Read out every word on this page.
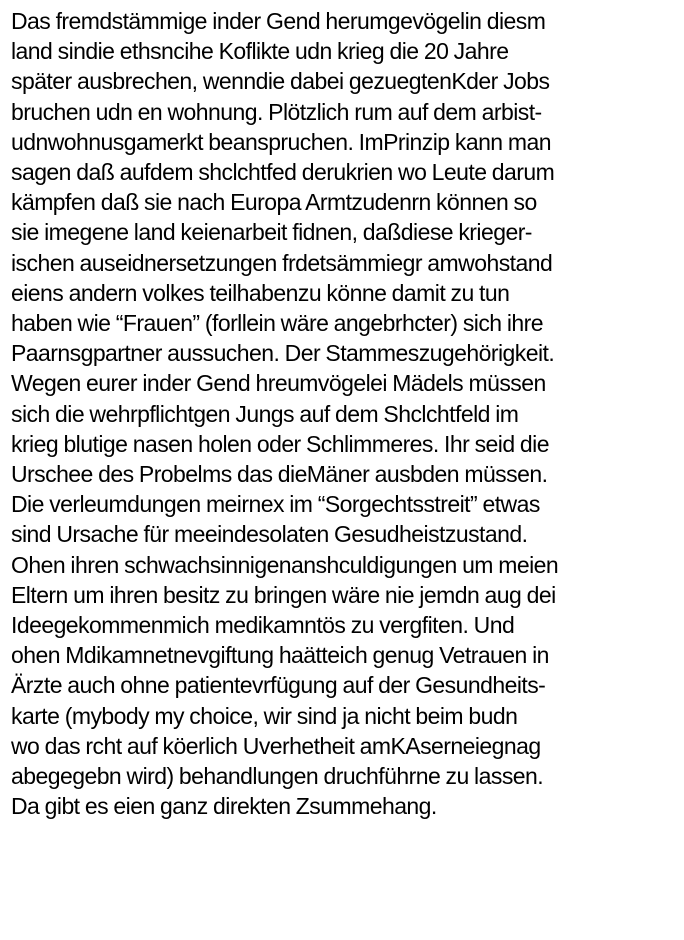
Das fremdstämmige inder Gend herumgevögelin diesm
land sindie ethsncihe Koflikte udn krieg die 20 Jahre
später ausbrechen, wenndie dabei gezuegtenKder Jobs
bruchen udn en wohnung. Plötzlich rum auf dem arbist-
udnwohnusgamerkt beanspruchen. ImPrinzip kann man
sagen daß aufdem shclchtfed derukrien wo Leute darum
kämpfen daß sie nach Europa Armtzudenrn können so
sie imegene land keienarbeit fidnen, daßdiese krieger-
ischen auseidnersetzungen frdetsämmiegr amwohstand
eiens andern volkes teilhabenzu könne damit zu tun
haben wie “Frauen” (forllein wäre angebrhcter) sich ihre
Paarnsgpartner aussuchen. Der Stammeszugehörigkeit.
Wegen eurer inder Gend hreumvögelei Mädels müssen
sich die wehrpflichtgen Jungs auf dem Shclchtfeld im
krieg blutige nasen holen oder Schlimmeres. Ihr seid die
Urschee des Probelms das dieMäner ausbden müssen.
Die verleumdungen meirnex im “Sorgechtsstreit” etwas
sind Ursache für meeindesolaten Gesudheistzustand.
Ohen ihren schwachsinnigenanshculdigungen um meien
Eltern um ihren besitz zu bringen wäre nie jemdn aug dei
Ideegekommenmich medikamntös zu vergfiten. Und
ohen Mdikamnetnevgiftung haätteich genug Vetrauen in
Ärzte auch ohne patientevrfügung auf der Gesundheits-
karte (mybody my choice, wir sind ja nicht beim budn
wo das rcht auf köerlich Uverhetheit amKAserneiegnag
abegegebn wird) behandlungen druchführne zu lassen.
Da gibt es eien ganz direkten Zsummehang.
